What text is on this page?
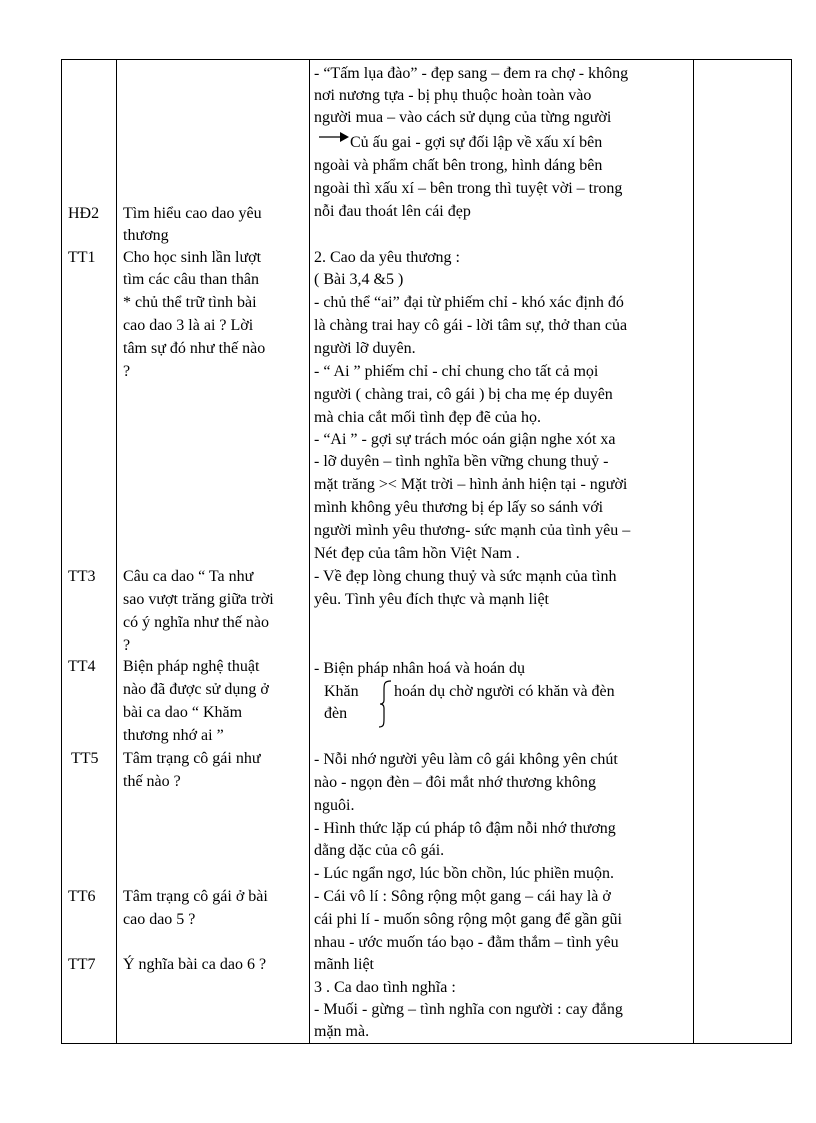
- “Tấm lụa đào” - đẹp sang – đem ra chợ - không
nơi nương tựa - bị phụ thuộc hoàn toàn vào
người mua – vào cách sử dụng của từng người
Củ ấu gai - gợi sự đối lập về xấu xí bên
ngoài và phẩm chất bên trong, hình dáng bên
ngoài thì xấu xí – bên trong thì tuyệt vời – trong
nỗi đau thoát lên cái đẹp
HĐ2 Tìm hiểu cao dao yêu
thương
TT1 Cho học sinh lần lượt
tìm các câu than thân
* chủ thể trữ tình bài
cao dao 3 là ai ? Lời
tâm sự đó như thế nào
?
2. Cao da yêu thương :
( Bài 3,4 &5 )
- chủ thể “ai” đại từ phiếm chỉ - khó xác định đó
là chàng trai hay cô gái - lời tâm sự, thở than của
người lỡ duyên.
- “ Ai ” phiếm chỉ - chỉ chung cho tất cả mọi
người ( chàng trai, cô gái ) bị cha mẹ ép duyên
mà chia cắt mối tình đẹp đẽ của họ.
- “Ai ” - gợi sự trách móc oán giận nghe xót xa
- lỡ duyên – tình nghĩa bền vững chung thuỷ -
mặt trăng >< Mặt trời – hình ảnh hiện tại - người
mình không yêu thương bị ép lấy so sánh với
người mình yêu thương- sức mạnh của tình yêu –
Nét đẹp của tâm hồn Việt Nam .
TT3 Câu ca dao “ Ta như
sao vượt trăng giữa trời
có ý nghĩa như thế nào
?
- Về đẹp lòng chung thuỷ và sức mạnh của tình
yêu. Tình yêu đích thực và mạnh liệt
TT4 Biện pháp nghệ thuật
nào đã được sử dụng ở
bài ca dao “ Khăm
thương nhớ ai ”
- Biện pháp nhân hoá và hoán dụ
Khăn
đèn
hoán dụ chờ người có khăn và đèn
TT5 Tâm trạng cô gái như
thế nào ?
- Nỗi nhớ người yêu làm cô gái không yên chút
nào - ngọn đèn – đôi mắt nhớ thương không
nguôi.
- Hình thức lặp cú pháp tô đậm nỗi nhớ thương
dằng dặc của cô gái.
- Lúc ngẩn ngơ, lúc bồn chồn, lúc phiền muộn.
TT6 Tâm trạng cô gái ở bài
cao dao 5 ?
- Cái vô lí : Sông rộng một gang – cái hay là ở
cái phi lí - muốn sông rộng một gang để gần gũi
nhau - ước muốn táo bạo - đằm thắm – tình yêu
mãnh liệt
TT7 Ý nghĩa bài ca dao 6 ?
3 . Ca dao tình nghĩa :
- Muối - gừng – tình nghĩa con người : cay đắng
mặn mà.
